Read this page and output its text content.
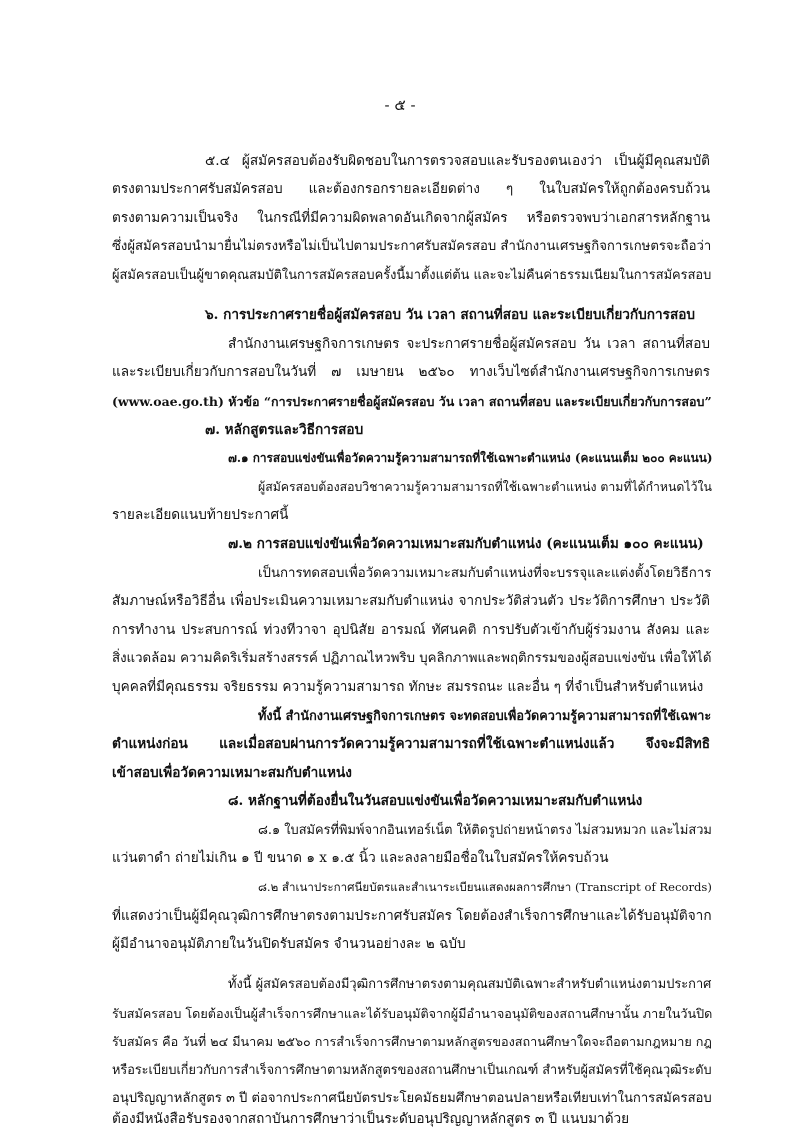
- ๕ -
๕.๔ ผู้สมัครสอบต้องรับผิดชอบในการตรวจสอบและรับรองตนเองว่า เป็นผู้มีคุณสมบัติ
ตรงตามประกาศรับสมัครสอบ และต้องกรอกรายละเอียดต่าง ๆ ในใบสมัครให้ถูกต้องครบถ้วน
ตรงตามความเป็นจริง ในกรณีที่มีความผิดพลาดอันเกิดจากผู้สมัคร หรือตรวจพบว่าเอกสารหลักฐาน
ซึ่งผู้สมัครสอบนำมายื่นไม่ตรงหรือไม่เป็นไปตามประกาศรับสมัครสอบ สำนักงานเศรษฐกิจการเกษตรจะถือว่า
ผู้สมัครสอบเป็นผู้ขาดคุณสมบัติในการสมัครสอบครั้งนี้มาตั้งแต่ต้น และจะไม่คืนค่าธรรมเนียมในการสมัครสอบ
๖. การประกาศรายชื่อผู้สมัครสอบ วัน เวลา สถานที่สอบ และระเบียบเกี่ยวกับการสอบ
สำนักงานเศรษฐกิจการเกษตร จะประกาศรายชื่อผู้สมัครสอบ วัน เวลา สถานที่สอบ
และระเบียบเกี่ยวกับการสอบในวันที่ ๗ เมษายน ๒๕๖๐ ทางเว็บไซต์สำนักงานเศรษฐกิจการเกษตร
(www.oae.go.th) หัวข้อ “การประกาศรายชื่อผู้สมัครสอบ วัน เวลา สถานที่สอบ และระเบียบเกี่ยวกับการสอบ”
๗. หลักสูตรและวิธีการสอบ
๗.๑ การสอบแข่งขันเพื่อวัดความรู้ความสามารถที่ใช้เฉพาะตำแหน่ง (คะแนนเต็ม ๒๐๐ คะแนน)
ผู้สมัครสอบต้องสอบวิชาความรู้ความสามารถที่ใช้เฉพาะตำแหน่ง ตามที่ได้กำหนดไว้ใน
รายละเอียดแนบท้ายประกาศนี้
๗.๒ การสอบแข่งขันเพื่อวัดความเหมาะสมกับตำแหน่ง (คะแนนเต็ม ๑๐๐ คะแนน)
เป็นการทดสอบเพื่อวัดความเหมาะสมกับตำแหน่งที่จะบรรจุและแต่งตั้งโดยวิธีการ
สัมภาษณ์หรือวิธีอื่น เพื่อประเมินความเหมาะสมกับตำแหน่ง จากประวัติส่วนตัว ประวัติการศึกษา ประวัติ
การทำงาน ประสบการณ์ ท่วงทีวาจา อุปนิสัย อารมณ์ ทัศนคติ การปรับตัวเข้ากับผู้ร่วมงาน สังคม และ
สิ่งแวดล้อม ความคิดริเริ่มสร้างสรรค์ ปฏิภาณไหวพริบ บุคลิกภาพและพฤติกรรมของผู้สอบแข่งขัน เพื่อให้ได้
บุคคลที่มีคุณธรรม จริยธรรม ความรู้ความสามารถ ทักษะ สมรรถนะ และอื่น ๆ ที่จำเป็นสำหรับตำแหน่ง
ทั้งนี้ สำนักงานเศรษฐกิจการเกษตร จะทดสอบเพื่อวัดความรู้ความสามารถที่ใช้เฉพาะ
ตำแหน่งก่อน และเมื่อสอบผ่านการวัดความรู้ความสามารถที่ใช้เฉพาะตำแหน่งแล้ว จึงจะมีสิทธิ
เข้าสอบเพื่อวัดความเหมาะสมกับตำแหน่ง
๘. หลักฐานที่ต้องยื่นในวันสอบแข่งขันเพื่อวัดความเหมาะสมกับตำแหน่ง
๘.๑ ใบสมัครที่พิมพ์จากอินเทอร์เน็ต ให้ติดรูปถ่ายหน้าตรง ไม่สวมหมวก และไม่สวม
แว่นตาดำ ถ่ายไม่เกิน ๑ ปี ขนาด ๑ x ๑.๕ นิ้ว และลงลายมือชื่อในใบสมัครให้ครบถ้วน
๘.๒ สำเนาประกาศนียบัตรและสำเนาระเบียนแสดงผลการศึกษา (Transcript of Records)
ที่แสดงว่าเป็นผู้มีคุณวุฒิการศึกษาตรงตามประกาศรับสมัคร โดยต้องสำเร็จการศึกษาและได้รับอนุมัติจาก
ผู้มีอำนาจอนุมัติภายในวันปิดรับสมัคร จำนวนอย่างละ ๒ ฉบับ
ทั้งนี้ ผู้สมัครสอบต้องมีวุฒิการศึกษาตรงตามคุณสมบัติเฉพาะสำหรับตำแหน่งตามประกาศ
รับสมัครสอบ โดยต้องเป็นผู้สำเร็จการศึกษาและได้รับอนุมัติจากผู้มีอำนาจอนุมัติของสถานศึกษานั้น ภายในวันปิด
รับสมัคร คือ วันที่ ๒๔ มีนาคม ๒๕๖๐ การสำเร็จการศึกษาตามหลักสูตรของสถานศึกษาใดจะถือตามกฎหมาย กฎ
หรือระเบียบเกี่ยวกับการสำเร็จการศึกษาตามหลักสูตรของสถานศึกษาเป็นเกณฑ์ สำหรับผู้สมัครที่ใช้คุณวุฒิระดับ
อนุปริญญาหลักสูตร ๓ ปี ต่อจากประกาศนียบัตรประโยคมัธยมศึกษาตอนปลายหรือเทียบเท่าในการสมัครสอบ
ต้องมีหนังสือรับรองจากสถาบันการศึกษาว่าเป็นระดับอนุปริญญาหลักสูตร ๓ ปี แนบมาด้วย
